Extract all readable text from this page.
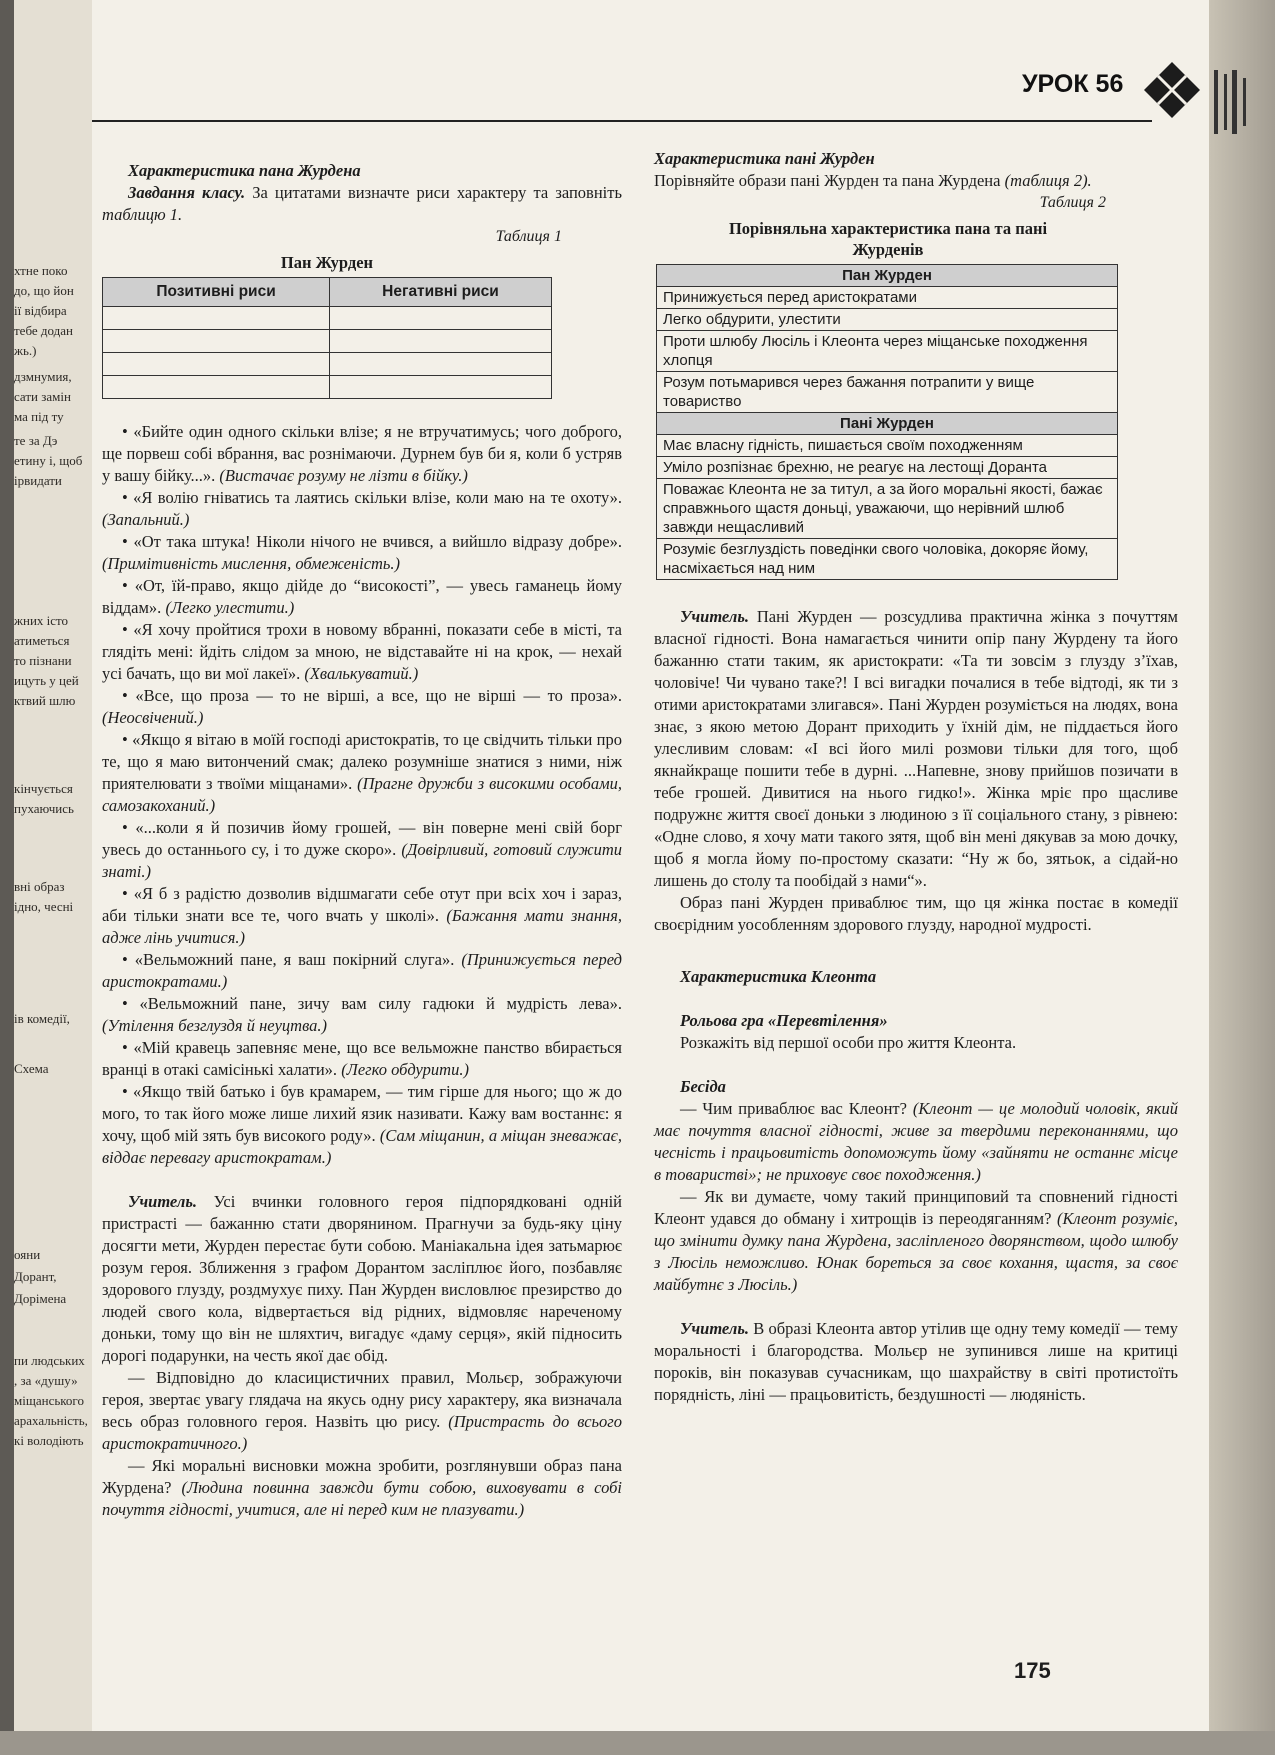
хтне поко
до, що йон
ії відбира
тебе додан
жь.)
дзмнумия,
сати замін
ма під ту
те за Дэ
етину і, щоб
ірвидати
жних істо
атиметься
то пізнани
ицуть у цей
ктвий шлю
кінчується
пухаючись
вні образ
ідно, чесні
ів комедії,
Схема
ояни
Дорант,
Дорімена
пи людських
, за «душу»
міщанського
арахальність,
кі володіють
УРОК 56

Характеристика пана Журдена

Завдання класу. За цитатами визначте риси характеру та заповніть таблицю 1.

Таблиця 1

Пан Журден

Позитивні риси	Негативні риси

• «Бийте один одного скільки влізе; я не втручатимусь; чого доброго, ще порвеш собі вбрання, вас рознімаючи. Дурнем був би я, коли б устряв у вашу бійку...». (Вистачає розуму не лізти в бійку.)

• «Я волію гніватись та лаятись скільки влізе, коли маю на те охоту». (Запальний.)

• «От така штука! Ніколи нічого не вчився, а вийшло відразу добре». (Примітивність мислення, обмеженість.)

• «От, їй-право, якщо дійде до “високості”, — увесь гаманець йому віддам». (Легко улестити.)

• «Я хочу пройтися трохи в новому вбранні, показати себе в місті, та глядіть мені: йдіть слідом за мною, не відставайте ні на крок, — нехай усі бачать, що ви мої лакеї». (Хвалькуватий.)

• «Все, що проза — то не вірші, а все, що не вірші — то проза». (Неосвічений.)

• «Якщо я вітаю в моїй господі аристократів, то це свідчить тільки про те, що я маю витончений смак; далеко розумніше знатися з ними, ніж приятелювати з твоїми міщанами». (Прагне дружби з високими особами, самозакоханий.)

• «...коли я й позичив йому грошей, — він поверне мені свій борг увесь до останнього су, і то дуже скоро». (Довірливий, готовий служити знаті.)

• «Я б з радістю дозволив відшмагати себе отут при всіх хоч і зараз, аби тільки знати все те, чого вчать у школі». (Бажання мати знання, адже лінь учитися.)

• «Вельможний пане, я ваш покірний слуга». (Принижується перед аристократами.)

• «Вельможний пане, зичу вам силу гадюки й мудрість лева». (Утілення безглуздя й неуцтва.)

• «Мій кравець запевняє мене, що все вельможне панство вбирається вранці в отакі самісінькі халати». (Легко обдурити.)

• «Якщо твій батько і був крамарем, — тим гірше для нього; що ж до мого, то так його може лише лихий язик називати. Кажу вам востаннє: я хочу, щоб мій зять був високого роду». (Сам міщанин, а міщан зневажає, віддає перевагу аристократам.)

Учитель. Усі вчинки головного героя підпорядковані одній пристрасті — бажанню стати дворянином. Прагнучи за будь-яку ціну досягти мети, Журден перестає бути собою. Маніакальна ідея затьмарює розум героя. Зближення з графом Дорантом засліплює його, позбавляє здорового глузду, роздмухує пиху. Пан Журден висловлює презирство до людей свого кола, відвертається від рідних, відмовляє нареченому доньки, тому що він не шляхтич, вигадує «даму серця», якій підносить дорогі подарунки, на честь якої дає обід.

— Відповідно до класицистичних правил, Мольєр, зображуючи героя, звертає увагу глядача на якусь одну рису характеру, яка визначала весь образ головного героя. Назвіть цю рису. (Пристрасть до всього аристократичного.)

— Які моральні висновки можна зробити, розглянувши образ пана Журдена? (Людина повинна завжди бути собою, виховувати в собі почуття гідності, учитися, але ні перед ким не плазувати.)

Характеристика пані Журден

Порівняйте образи пані Журден та пана Журдена (таблиця 2).

Таблиця 2

Порівняльна характеристика пана та пані Журденів

Пан Журден
Принижується перед аристократами
Легко обдурити, улестити
Проти шлюбу Люсіль і Клеонта через міщанське походження хлопця
Розум потьмарився через бажання потрапити у вище товариство
Пані Журден
Має власну гідність, пишається своїм походженням
Уміло розпізнає брехню, не реагує на лестощі Доранта
Поважає Клеонта не за титул, а за його моральні якості, бажає справжнього щастя доньці, уважаючи, що нерівний шлюб завжди нещасливий
Розуміє безглуздість поведінки свого чоловіка, докоряє йому, насміхається над ним

Учитель. Пані Журден — розсудлива практична жінка з почуттям власної гідності. Вона намагається чинити опір пану Журдену та його бажанню стати таким, як аристократи: «Та ти зовсім з глузду з’їхав, чоловіче! Чи чувано таке?! І всі вигадки почалися в тебе відтоді, як ти з отими аристократами злигався». Пані Журден розуміється на людях, вона знає, з якою метою Дорант приходить у їхній дім, не піддається його улесливим словам: «І всі його милі розмови тільки для того, щоб якнайкраще пошити тебе в дурні. ...Напевне, знову прийшов позичати в тебе грошей. Дивитися на нього гидко!». Жінка мріє про щасливе подружнє життя своєї доньки з людиною з її соціального стану, з рівнею: «Одне слово, я хочу мати такого зятя, щоб він мені дякував за мою дочку, щоб я могла йому по-простому сказати: “Ну ж бо, зятьок, а сідай-но лишень до столу та пообідай з нами“».

Образ пані Журден приваблює тим, що ця жінка постає в комедії своєрідним уособленням здорового глузду, народної мудрості.

Характеристика Клеонта

Рольова гра «Перевтілення»

Розкажіть від першої особи про життя Клеонта.

Бесіда

— Чим приваблює вас Клеонт? (Клеонт — це молодий чоловік, який має почуття власної гідності, живе за твердими переконаннями, що чесність і працьовитість допоможуть йому «зайняти не останнє місце в товаристві»; не приховує своє походження.)

— Як ви думаєте, чому такий принциповий та сповнений гідності Клеонт удався до обману і хитрощів із переодяганням? (Клеонт розуміє, що змінити думку пана Журдена, засліпленого дворянством, щодо шлюбу з Люсіль неможливо. Юнак бореться за своє кохання, щастя, за своє майбутнє з Люсіль.)

Учитель. В образі Клеонта автор утілив ще одну тему комедії — тему моральності і благородства. Мольєр не зупинився лише на критиці пороків, він показував сучасникам, що шахрайству в світі протистоїть порядність, ліні — працьовитість, бездушності — людяність.

175
